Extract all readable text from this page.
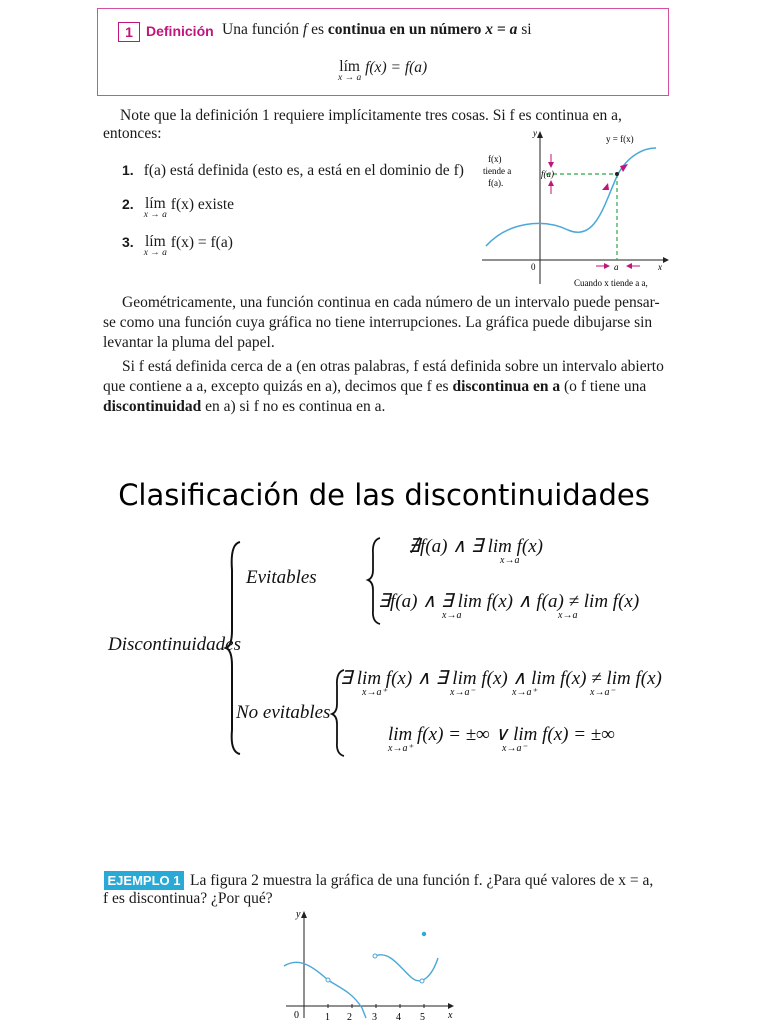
1 Definición Una función f es continua en un número x = a si
lím
x → a
f(x) = f(a)
Note que la definición 1 requiere implícitamente tres cosas. Si f es continua en a,
entonces:
1. f(a) está definida (esto es, a está en el dominio de f)
2. lím
x → a
f(x) existe
3. lím
x → a
f(x) = f(a)
y
x
0
f(a)
y = f(x)
f(x)
tiende a
f(a).
a
Cuando x tiende a a,
Geométricamente, una función continua en cada número de un intervalo puede pensar-
se como una función cuya gráfica no tiene interrupciones. La gráfica puede dibujarse sin
levantar la pluma del papel.
Si f está definida cerca de a (en otras palabras, f está definida sobre un intervalo abierto
que contiene a a, excepto quizás en a), decimos que f es discontinua en a (o f tiene una
discontinuidad en a) si f no es continua en a.
Clasificación de las discontinuidades
Discontinuidades
Evitables
No evitables
∄f(a) ∧ ∃ lim f(x)
x→a
∃f(a) ∧ ∃ lim f(x) ∧ f(a) ≠ lim f(x)
x→a	x→a
∃ lim f(x) ∧ ∃ lim f(x) ∧ lim f(x) ≠ lim f(x)
x→a⁺	x→a⁻	x→a⁺	x→a⁻
lim f(x) = ±∞ ∨ lim f(x) = ±∞
x→a⁺	x→a⁻
EJEMPLO 1 La figura 2 muestra la gráfica de una función f. ¿Para qué valores de x = a,
f es discontinua? ¿Por qué?
y
x
0	1 2 3 4 5
